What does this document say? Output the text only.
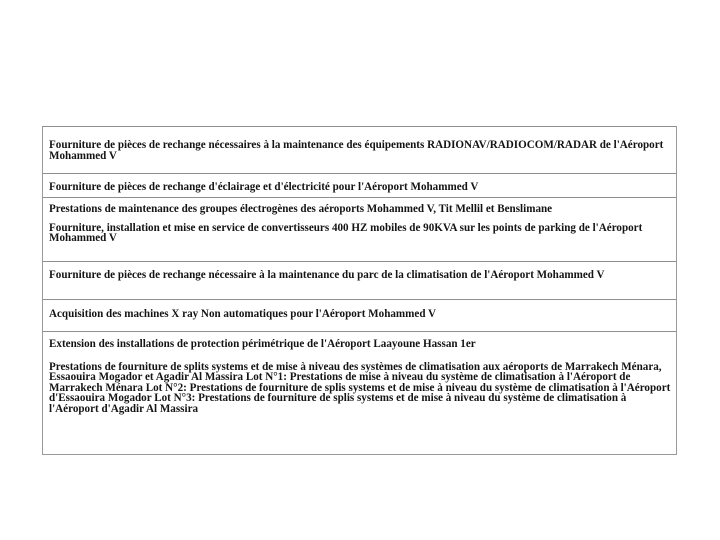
Fourniture de pièces de rechange nécessaires à la maintenance des équipements RADIONAV/RADIOCOM/RADAR de l'Aéroport Mohammed V

Fourniture de pièces de rechange d'éclairage et d'électricité pour l'Aéroport Mohammed V

Prestations de maintenance des groupes électrogènes des aéroports Mohammed V, Tit Mellil et Benslimane

Fourniture, installation et mise en service de convertisseurs 400 HZ mobiles de 90KVA sur les points de parking de l'Aéroport Mohammed V

Fourniture de pièces de rechange nécessaire à la maintenance du parc de la climatisation de l'Aéroport Mohammed V

Acquisition des machines X ray Non automatiques pour l'Aéroport Mohammed V

Extension des installations de protection périmétrique de l'Aéroport Laayoune Hassan 1er

Prestations de fourniture de splits systems et de mise à niveau des systèmes de climatisation aux aéroports de Marrakech Ménara, Essaouira Mogador et Agadir Al Massira Lot N°1: Prestations de mise à niveau du système de climatisation à l'Aéroport de Marrakech Ménara Lot N°2: Prestations de fourniture de splis systems et de mise à niveau du système de climatisation à l'Aéroport d'Essaouira Mogador Lot N°3: Prestations de fourniture de splis systems et de mise à niveau du système de climatisation à l'Aéroport d'Agadir Al Massira
